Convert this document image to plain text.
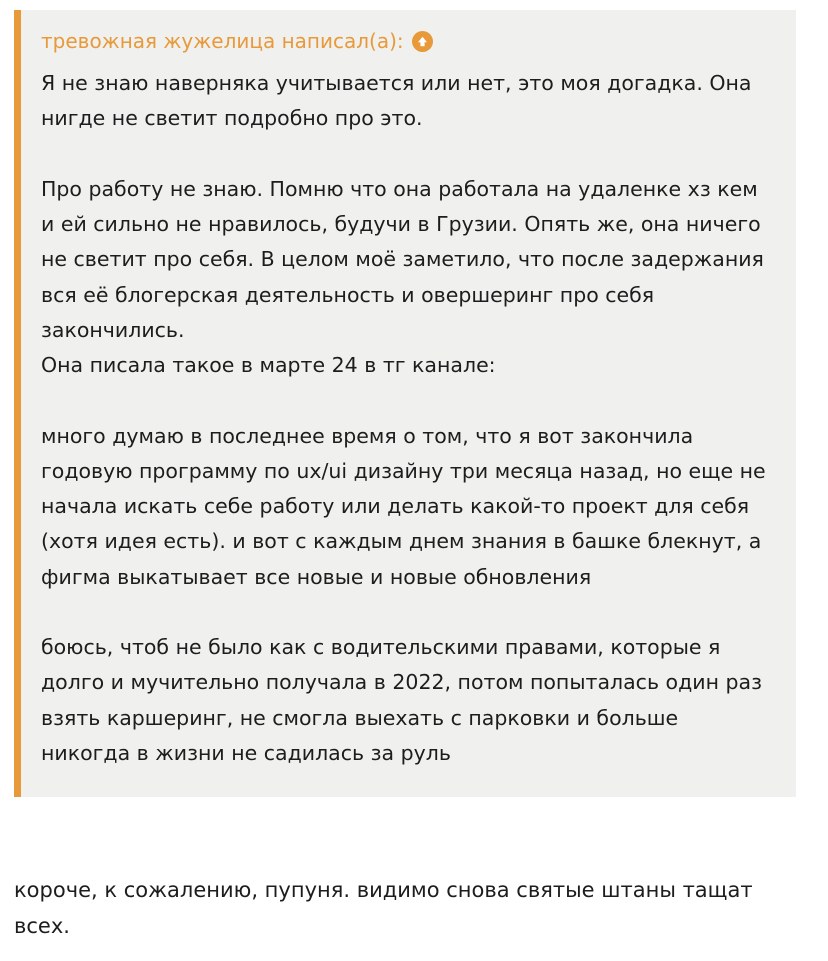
тревожная жужелица написал(а):

Я не знаю наверняка учитывается или нет, это моя догадка. Она нигде не светит подробно про это.

Про работу не знаю. Помню что она работала на удаленке хз кем и ей сильно не нравилось, будучи в Грузии. Опять же, она ничего не светит про себя. В целом моё заметило, что после задержания вся её блогерская деятельность и овершеринг про себя закончились.

Она писала такое в марте 24 в тг канале:

много думаю в последнее время о том, что я вот закончила годовую программу по ux/ui дизайну три месяца назад, но еще не начала искать себе работу или делать какой-то проект для себя (хотя идея есть). и вот с каждым днем знания в башке блекнут, а фигма выкатывает все новые и новые обновления

боюсь, чтоб не было как с водительскими правами, которые я долго и мучительно получала в 2022, потом попыталась один раз взять каршеринг, не смогла выехать с парковки и больше никогда в жизни не садилась за руль

короче, к сожалению, пупуня. видимо снова святые штаны тащат всех.
